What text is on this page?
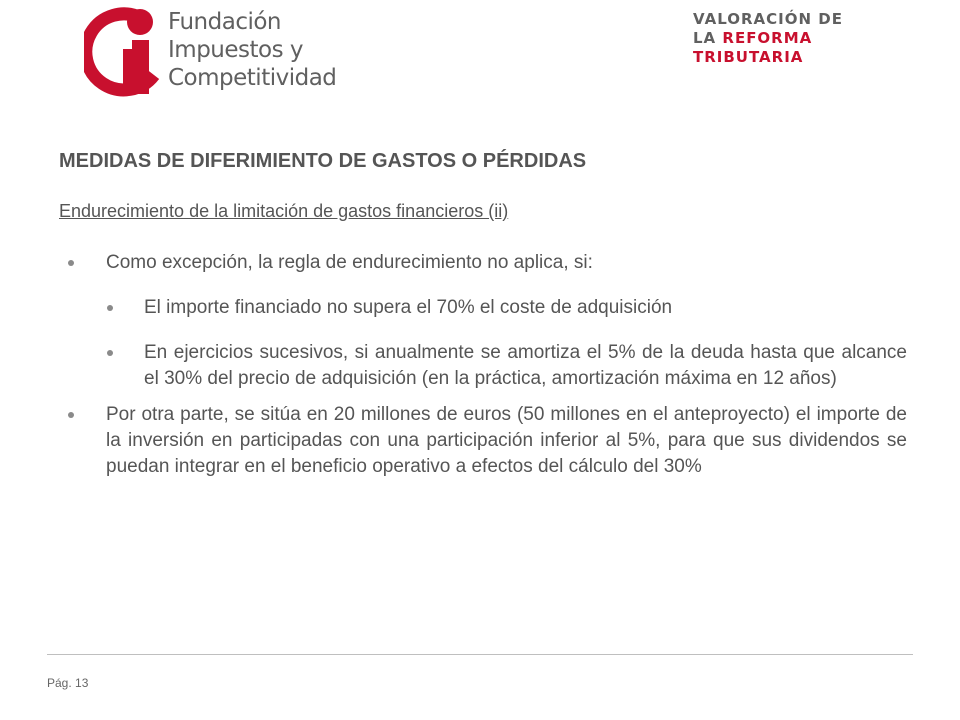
Fundación
Impuestos y
Competitividad
VALORACIÓN DE
LA REFORMA
TRIBUTARIA
MEDIDAS DE DIFERIMIENTO DE GASTOS O PÉRDIDAS
Endurecimiento de la limitación de gastos financieros (ii)
Como excepción, la regla de endurecimiento no aplica, si:
El importe financiado no supera el 70% el coste de adquisición
En ejercicios sucesivos, si anualmente se amortiza el 5% de la deuda hasta que alcance el 30% del precio de adquisición (en la práctica, amortización máxima en 12 años)
Por otra parte, se sitúa en 20 millones de euros (50 millones en el anteproyecto) el importe de la inversión en participadas con una participación inferior al 5%, para que sus dividendos se puedan integrar en el beneficio operativo a efectos del cálculo del 30%
Pág. 13
